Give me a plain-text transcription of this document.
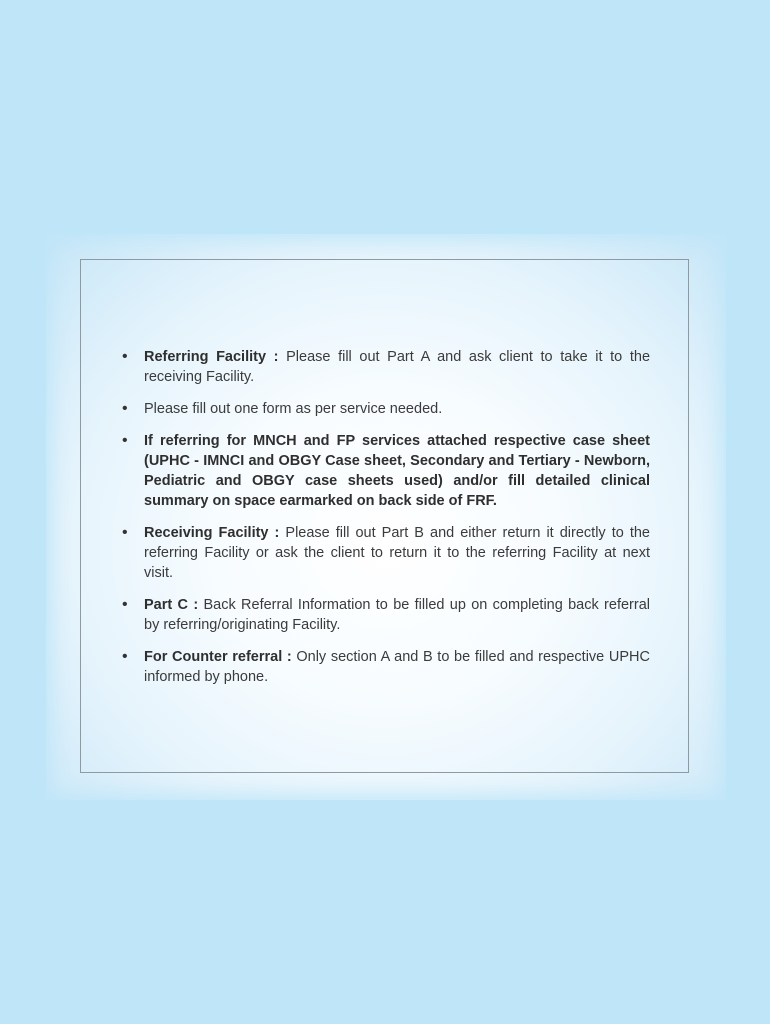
• Referring Facility : Please fill out Part A and ask client to take it to the receiving Facility.
• Please fill out one form as per service needed.
• If referring for MNCH and FP services attached respective case sheet (UPHC - IMNCI and OBGY Case sheet, Secondary and Tertiary - Newborn, Pediatric and OBGY case sheets used) and/or fill detailed clinical summary on space earmarked on back side of FRF.
• Receiving Facility : Please fill out Part B and either return it directly to the referring Facility or ask the client to return it to the referring Facility at next visit.
• Part C : Back Referral Information to be filled up on completing back referral by referring/originating Facility.
• For Counter referral : Only section A and B to be filled and respective UPHC informed by phone.
